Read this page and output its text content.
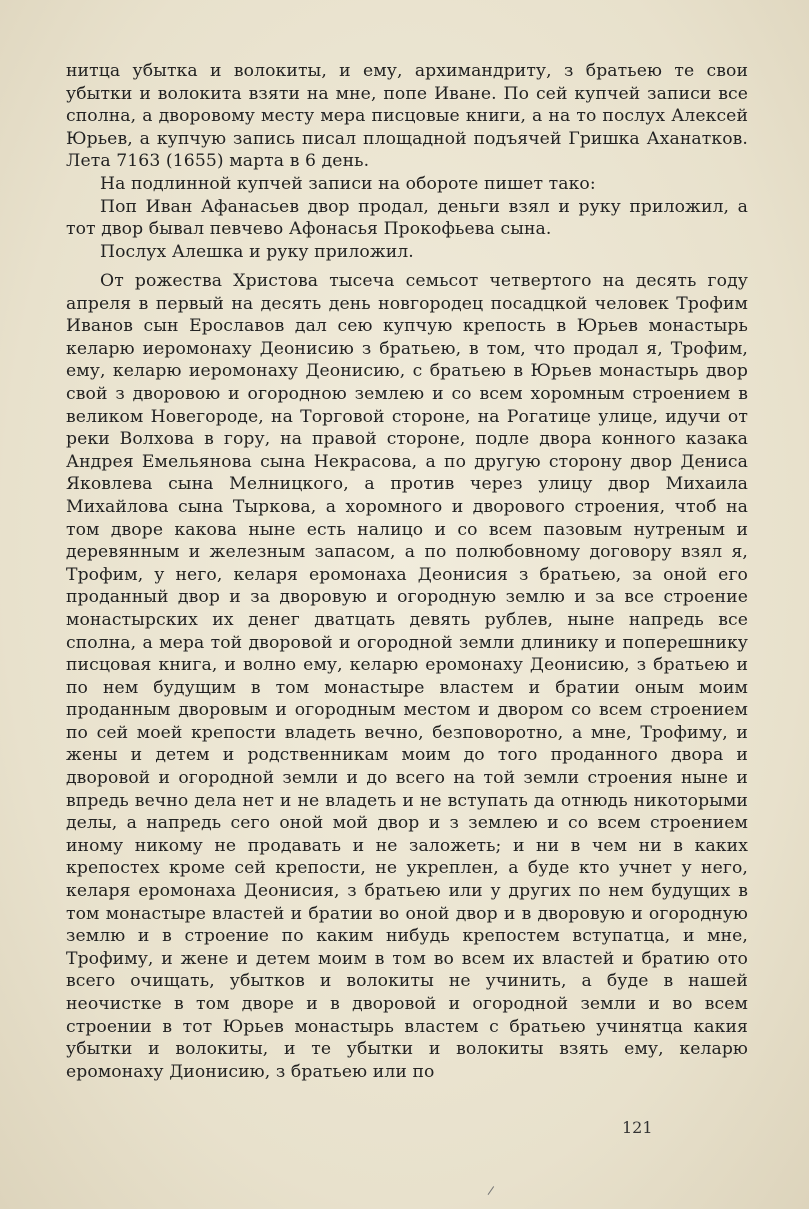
нитца убытка и волокиты, и ему, архимандриту, з братьею те свои убытки и волокита взяти на мне, попе Иване. По сей купчей записи все сполна, а дворовому месту мера писцовые книги, а на то послух Алексей Юрьев, а купчую запись писал площадной подъячей Гришка Аханатков. Лета 7163 (1655) марта в 6 день.

На подлинной купчей записи на обороте пишет тако:

Поп Иван Афанасьев двор продал, деньги взял и руку приложил, а тот двор бывал певчево Афонасья Прокофьева сына.

Послух Алешка и руку приложил.

От рожества Христова тысеча семьсот четвертого на десять году апреля в первый на десять день новгородец посадцкой человек Трофим Иванов сын Ерославов дал сею купчую крепость в Юрьев монастырь келарю иеромонаху Деонисию з братьею, в том, что продал я, Трофим, ему, келарю иеромонаху Деонисию, с братьею в Юрьев монастырь двор свой з дворовою и огородною землею и со всем хоромным строением в великом Новегороде, на Торговой стороне, на Рогатице улице, идучи от реки Волхова в гору, на правой стороне, подле двора конного казака Андрея Емельянова сына Некрасова, а по другую сторону двор Дениса Яковлева сына Мелницкого, а против через улицу двор Михаила Михайлова сына Тыркова, а хоромного и дворового строения, чтоб на том дворе какова ныне есть налицо и со всем пазовым нутреным и деревянным и железным запасом, а по полюбовному договору взял я, Трофим, у него, келаря еромонаха Деонисия з братьею, за оной его проданный двор и за дворовую и огородную землю и за все строение монастырских их денег дватцать девять рублев, ныне напредь все сполна, а мера той дворовой и огородной земли длинику и поперешнику писцовая книга, и волно ему, келарю еромонаху Деонисию, з братьею и по нем будущим в том монастыре властем и братии оным моим проданным дворовым и огородным местом и двором со всем строением по сей моей крепости владеть вечно, безповоротно, а мне, Трофиму, и жены и детем и родственникам моим до того проданного двора и дворовой и огородной земли и до всего на той земли строения ныне и впредь вечно дела нет и не владеть и не вступать да отнюдь никоторыми делы, а напредь сего оной мой двор и з землею и со всем строением иному никому не продавать и не заложеть; и ни в чем ни в каких крепостех кроме сей крепости, не укреплен, а буде кто учнет у него, келаря еромонаха Деонисия, з братьею или у других по нем будущих в том монастыре властей и братии во оной двор и в дворовую и огородную землю и в строение по каким нибудь крепостем вступатца, и мне, Трофиму, и жене и детем моим в том во всем их властей и братию ото всего очищать, убытков и волокиты не учинить, а буде в нашей неочистке в том дворе и в дворовой и огородной земли и во всем строении в тот Юрьев монастырь властем с братьею учинятца какия убытки и волокиты, и те убытки и волокиты взять ему, келарю еромонаху Дионисию, з братьею или по

121
